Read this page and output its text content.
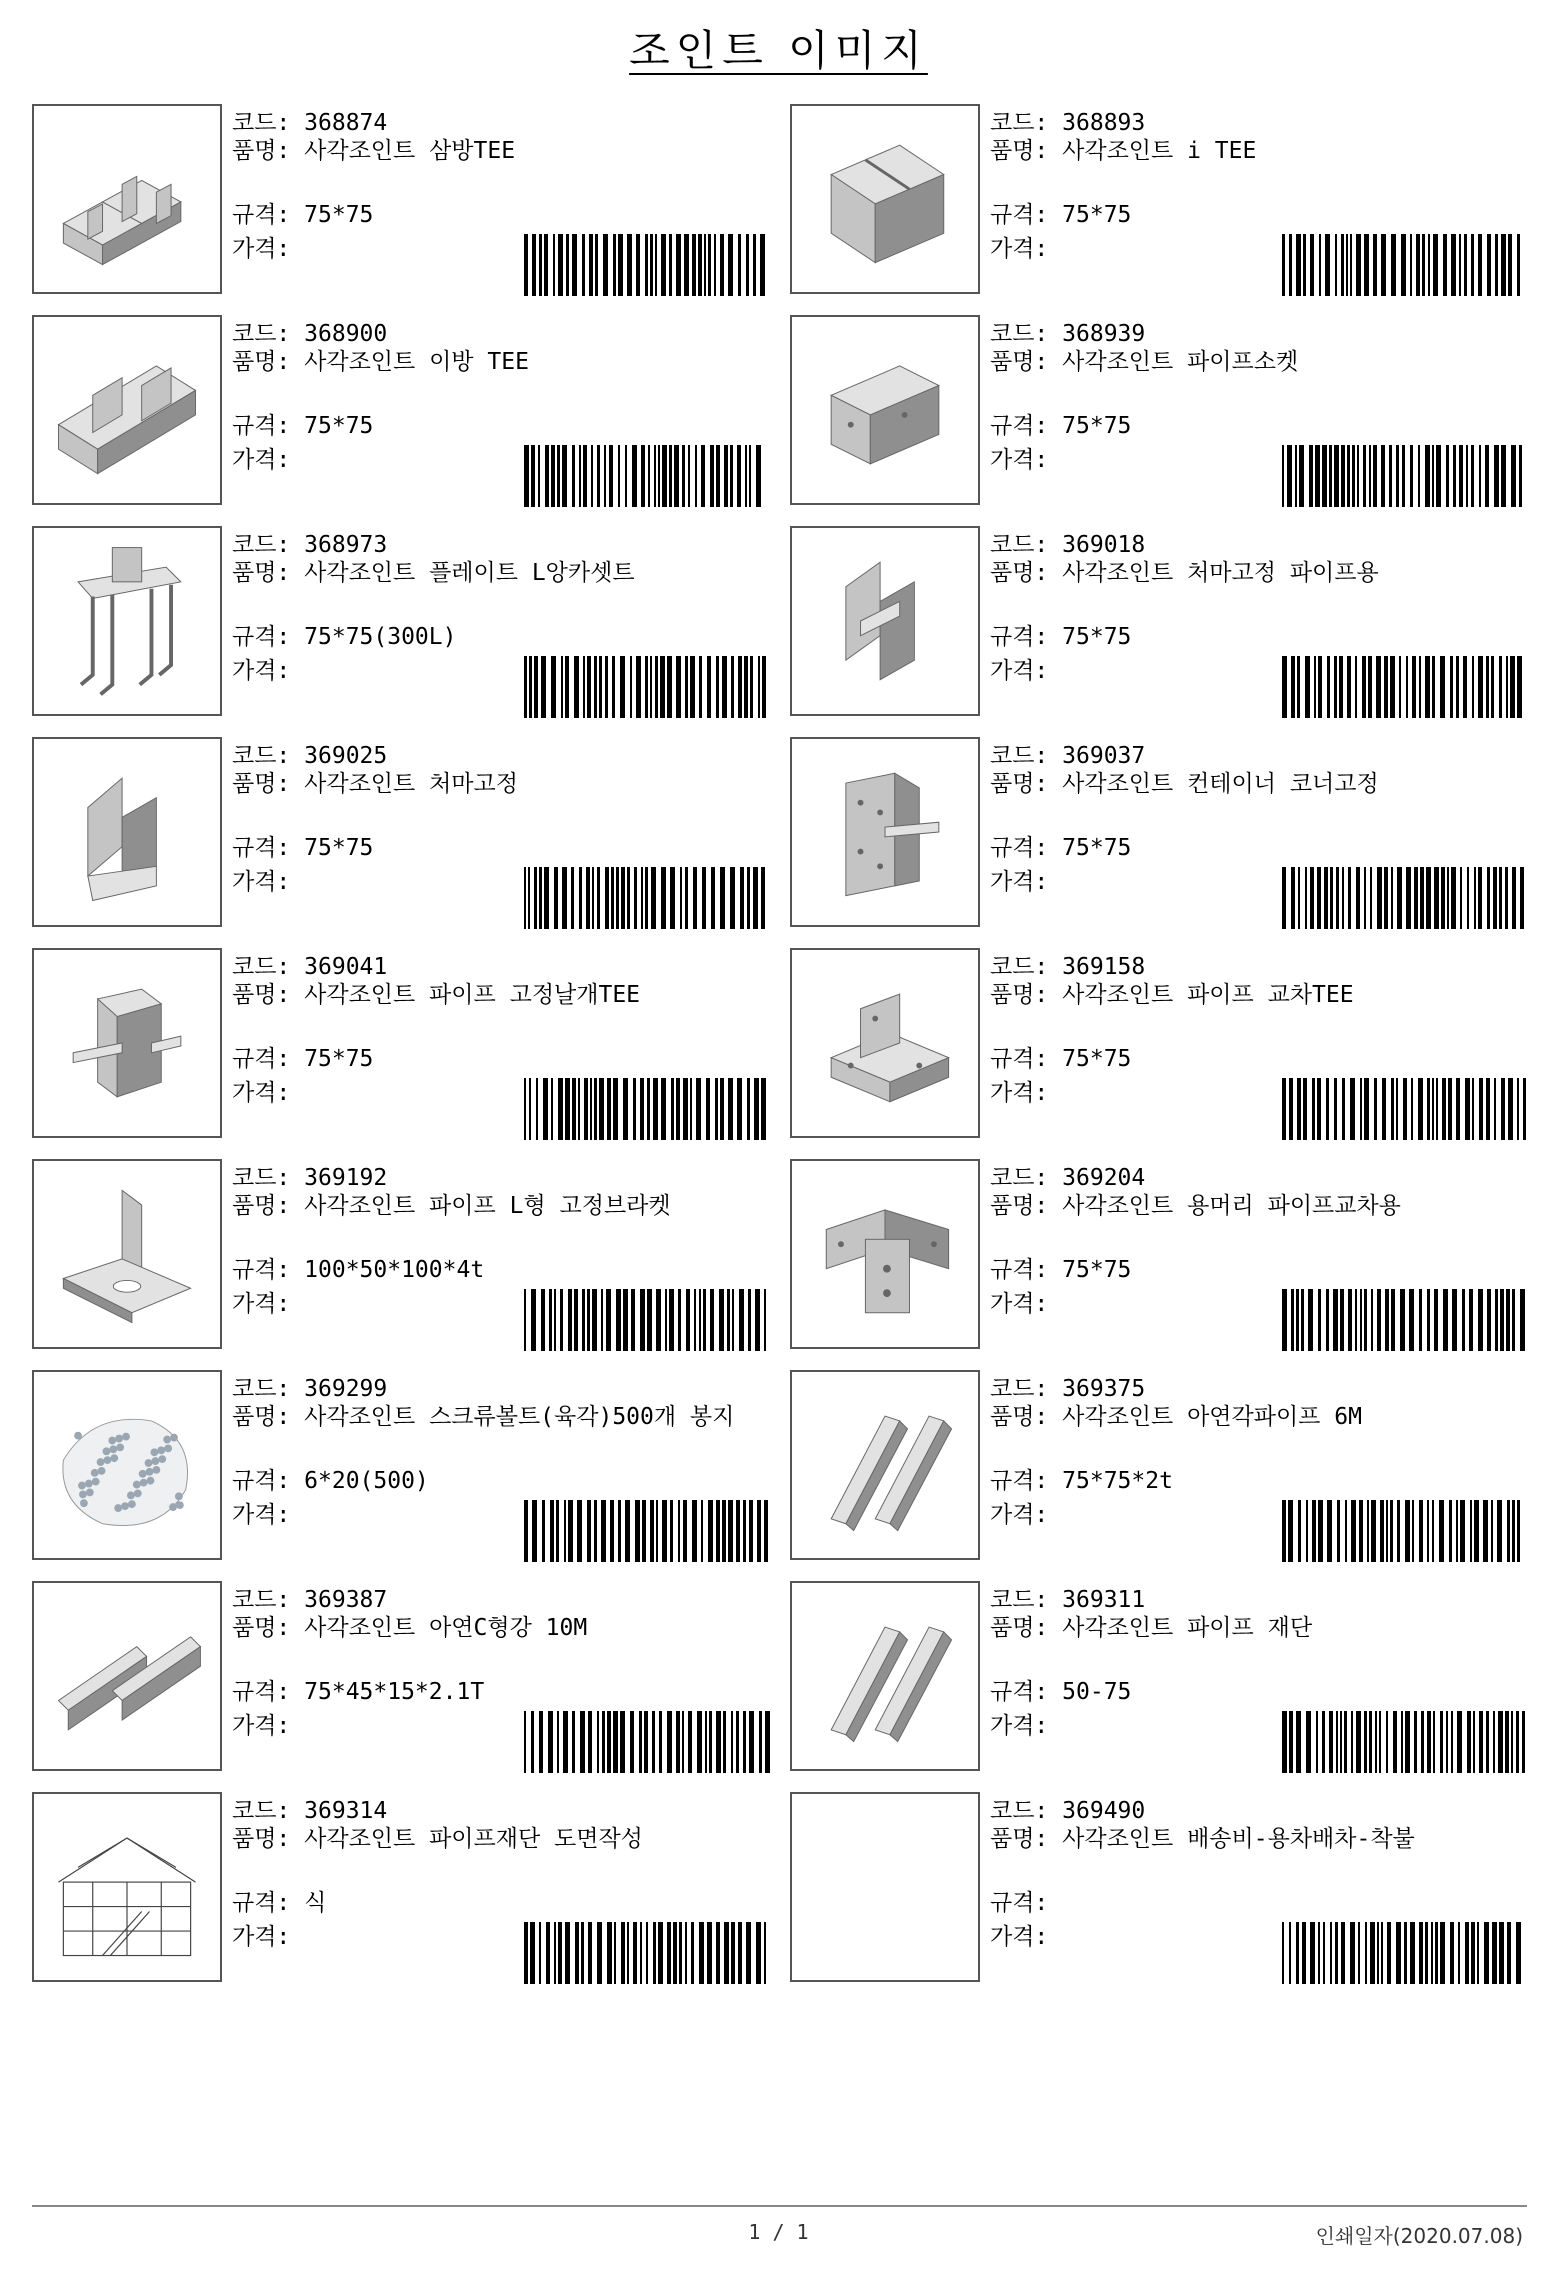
조인트 이미지
코드: 368874
품명: 사각조인트 삼방TEE
규격: 75*75
가격:
코드: 368893
품명: 사각조인트 i TEE
규격: 75*75
가격:
코드: 368900
품명: 사각조인트 이방 TEE
규격: 75*75
가격:
코드: 368939
품명: 사각조인트 파이프소켓
규격: 75*75
가격:
코드: 368973
품명: 사각조인트 플레이트 L앙카셋트
규격: 75*75(300L)
가격:
코드: 369018
품명: 사각조인트 처마고정 파이프용
규격: 75*75
가격:
코드: 369025
품명: 사각조인트 처마고정
규격: 75*75
가격:
코드: 369037
품명: 사각조인트 컨테이너 코너고정
규격: 75*75
가격:
코드: 369041
품명: 사각조인트 파이프 고정날개TEE
규격: 75*75
가격:
코드: 369158
품명: 사각조인트 파이프 교차TEE
규격: 75*75
가격:
코드: 369192
품명: 사각조인트 파이프 L형 고정브라켓
규격: 100*50*100*4t
가격:
코드: 369204
품명: 사각조인트 용머리 파이프교차용
규격: 75*75
가격:
코드: 369299
품명: 사각조인트 스크류볼트(육각)500개 봉지
규격: 6*20(500)
가격:
코드: 369375
품명: 사각조인트 아연각파이프 6M
규격: 75*75*2t
가격:
코드: 369387
품명: 사각조인트 아연C형강 10M
규격: 75*45*15*2.1T
가격:
코드: 369311
품명: 사각조인트 파이프 재단
규격: 50-75
가격:
코드: 369314
품명: 사각조인트 파이프재단 도면작성
규격: 식
가격:
코드: 369490
품명: 사각조인트 배송비-용차배차-착불
규격:
가격:
1 / 1	인쇄일자(2020.07.08)
